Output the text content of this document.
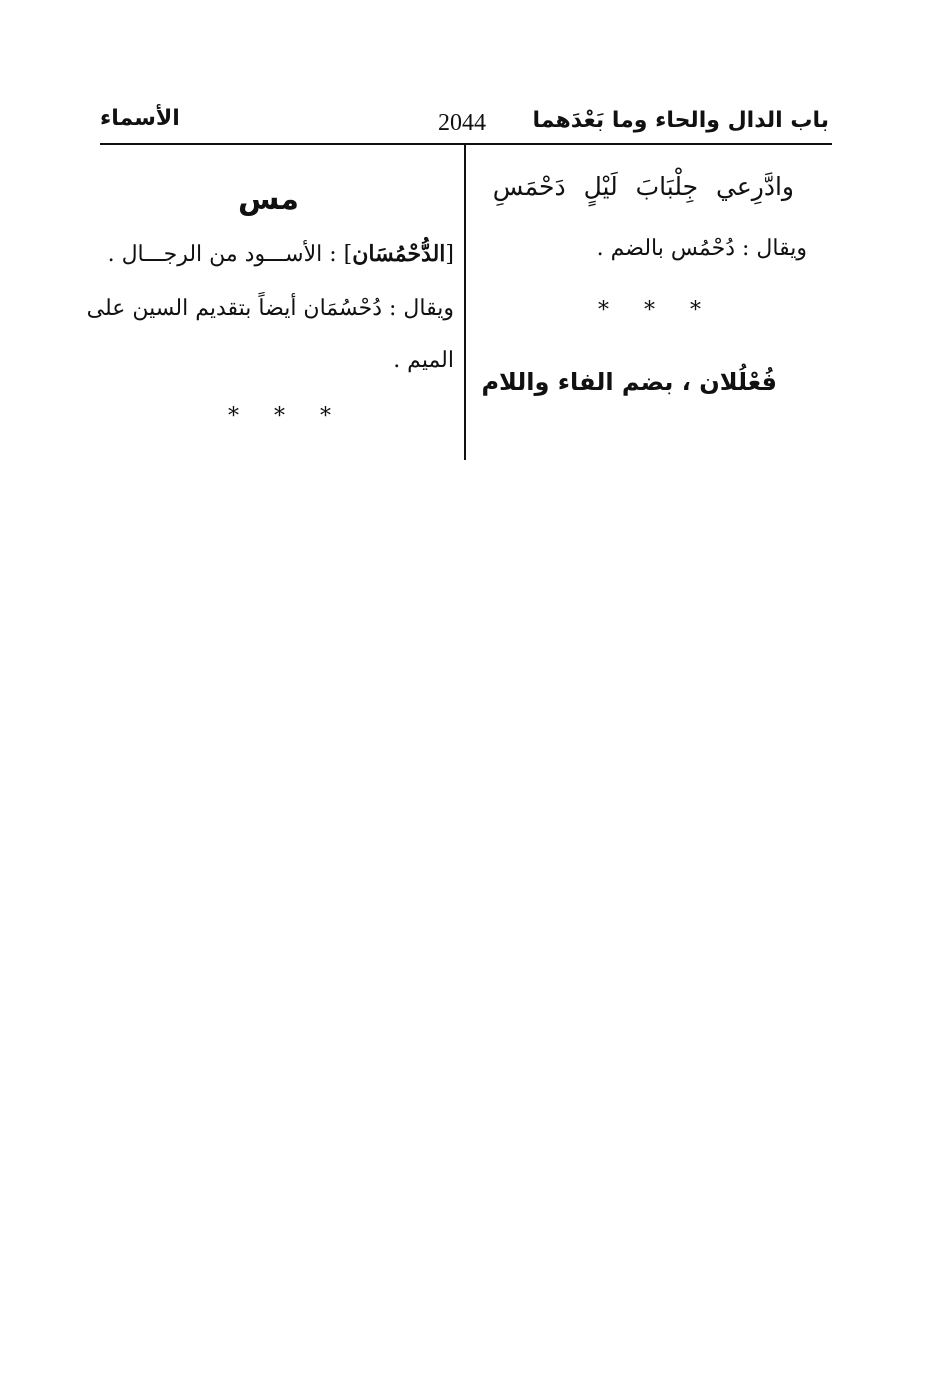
باب الدال والحاء وما بَعْدَهما
2044
الأسماء
وادَّرِعي جِلْبَابَ لَيْلٍ دَحْمَسِ
ويقال : دُحْمُس بالضم .
* * *
فُعْلُلان ، بضم الفاء واللام
مس
[الدُّحْمُسَان] : الأســـود من الرجـــال .
ويقال : دُحْسُمَان أيضاً بتقديم السين على
الميم .
* * *
